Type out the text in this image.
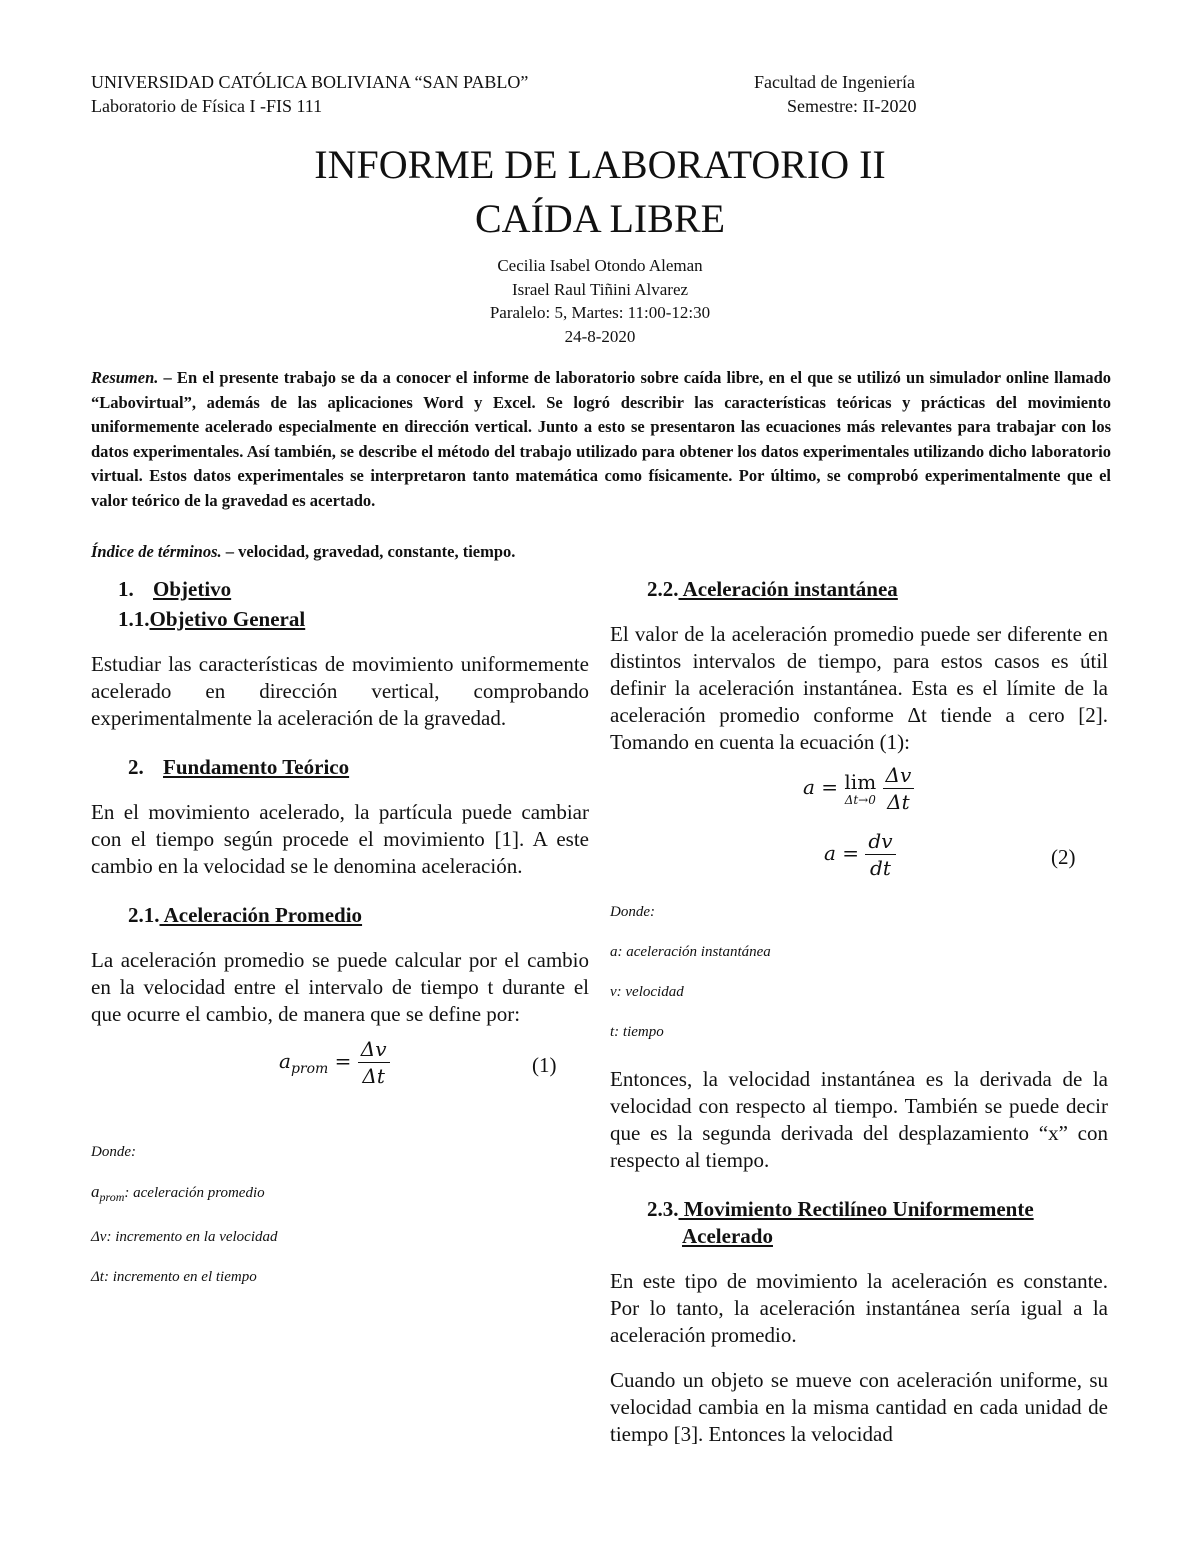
UNIVERSIDAD CATÓLICA BOLIVIANA “SAN PABLO”
Laboratorio de Física I -FIS 111
Facultad de Ingeniería
Semestre: II-2020
INFORME DE LABORATORIO II
CAÍDA LIBRE
Cecilia Isabel Otondo Aleman
Israel Raul Tiñini Alvarez
Paralelo: 5, Martes: 11:00-12:30
24-8-2020
Resumen. – En el presente trabajo se da a conocer el informe de laboratorio sobre caída libre, en el que se utilizó un simulador online llamado “Labovirtual”, además de las aplicaciones Word y Excel. Se logró describir las características teóricas y prácticas del movimiento uniformemente acelerado especialmente en dirección vertical. Junto a esto se presentaron las ecuaciones más relevantes para trabajar con los datos experimentales. Así también, se describe el método del trabajo utilizado para obtener los datos experimentales utilizando dicho laboratorio virtual. Estos datos experimentales se interpretaron tanto matemática como físicamente. Por último, se comprobó experimentalmente que el valor teórico de la gravedad es acertado.
Índice de términos. – velocidad, gravedad, constante, tiempo.
1. Objetivo
1.1.Objetivo General

Estudiar las características de movimiento uniformemente acelerado en dirección vertical, comprobando experimentalmente la aceleración de la gravedad.

2. Fundamento Teórico

En el movimiento acelerado, la partícula puede cambiar con el tiempo según procede el movimiento [1]. A este cambio en la velocidad se le denomina aceleración.

2.1. Aceleración Promedio

La aceleración promedio se puede calcular por el cambio en la velocidad entre el intervalo de tiempo t durante el que ocurre el cambio, de manera que se define por:

$a_{prom} = \frac{\Delta v}{\Delta t}$	(1)
Donde:
$a_{prom}$: aceleración promedio
Δv: incremento en la velocidad
Δt: incremento en el tiempo
2.2. Aceleración instantánea

El valor de la aceleración promedio puede ser diferente en distintos intervalos de tiempo, para estos casos es útil definir la aceleración instantánea. Esta es el límite de la aceleración promedio conforme Δt tiende a cero [2]. Tomando en cuenta la ecuación (1):

a = lim
Δt→0
$\frac{\Delta v}{\Delta t}$
$a = \frac{dv}{dt}$	(2)
Donde:
a: aceleración instantánea
v: velocidad
t: tiempo

Entonces, la velocidad instantánea es la derivada de la velocidad con respecto al tiempo. También se puede decir que es la segunda derivada del desplazamiento “x” con respecto al tiempo.

2.3. Movimiento Rectilíneo Uniformemente
Acelerado

En este tipo de movimiento la aceleración es constante. Por lo tanto, la aceleración instantánea sería igual a la aceleración promedio.

Cuando un objeto se mueve con aceleración uniforme, su velocidad cambia en la misma cantidad en cada unidad de tiempo [3]. Entonces la velocidad
